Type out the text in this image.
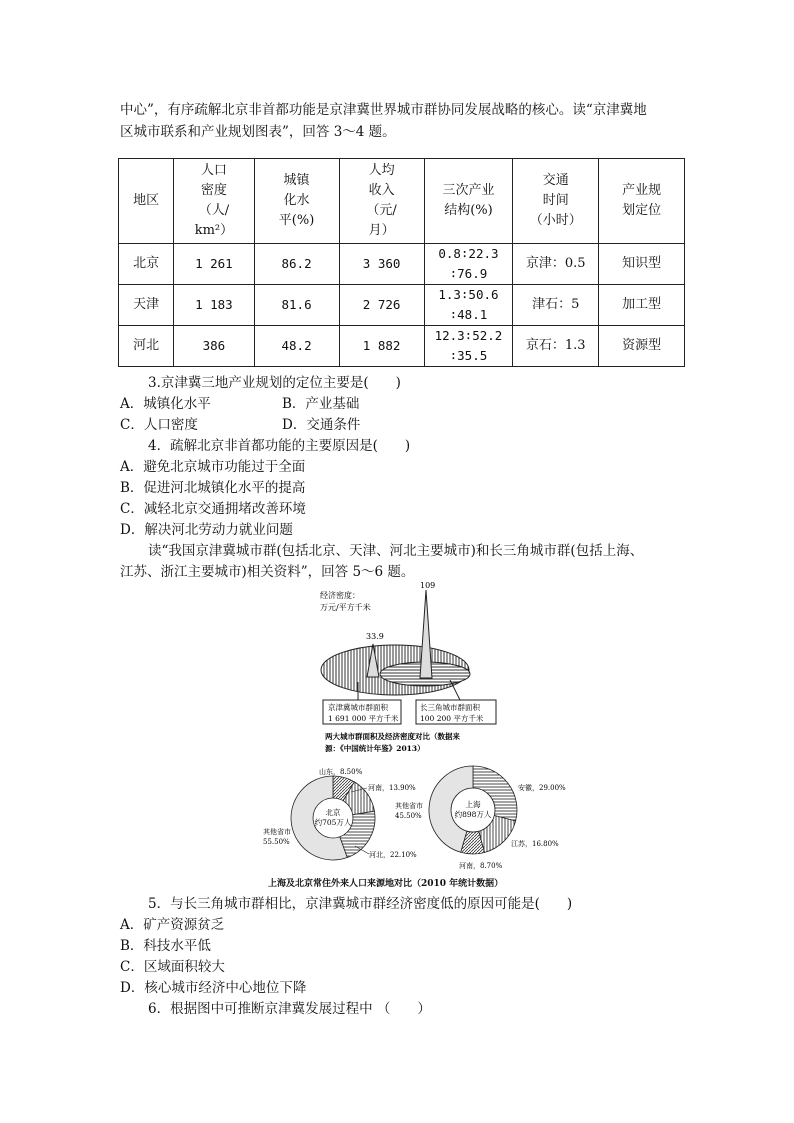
中心”，有序疏解北京非首都功能是京津冀世界城市群协同发展战略的核心。读“京津冀地
区城市联系和产业规划图表”，回答 3～4 题。
地区	人口
密度
（人/
km²）	城镇
化水
平(%)	人均
收入
（元/
月）	三次产业
结构(%)	交通
时间
（小时）	产业规
划定位
北京	1 261	86.2	3 360	0.8∶22.3
∶76.9	京津：0.5	知识型
天津	1 183	81.6	2 726	1.3∶50.6
∶48.1	津石：5	加工型
河北	386	48.2	1 882	12.3∶52.2
∶35.5	京石：1.3	资源型
3.京津冀三地产业规划的定位主要是(　　)
A．城镇化水平	B．产业基础
C．人口密度	D．交通条件
4．疏解北京非首都功能的主要原因是(　　)
A．避免北京城市功能过于全面
B．促进河北城镇化水平的提高
C．减轻北京交通拥堵改善环境
D．解决河北劳动力就业问题
读“我国京津冀城市群(包括北京、天津、河北主要城市)和长三角城市群(包括上海、
江苏、浙江主要城市)相关资料”，回答 5～6 题。
经济密度：
万元/平方千米
33.9
109
京津冀城市群面积
1 691 000 平方千米
长三角城市群面积
100 200 平方千米
两大城市群面积及经济密度对比（数据来
源：《中国统计年鉴》2013）
北京
约705万人
山东，8.50%
河南，13.90%
其他省市
55.50%
河北，22.10%
上海
约898万人
安徽，29.00%
其他省市
45.50%
江苏，16.80%
河南，8.70%
上海及北京常住外来人口来源地对比（2010 年统计数据）
5．与长三角城市群相比，京津冀城市群经济密度低的原因可能是(　　)
A．矿产资源贫乏
B．科技水平低
C．区域面积较大
D．核心城市经济中心地位下降
6．根据图中可推断京津冀发展过程中 （　　）
